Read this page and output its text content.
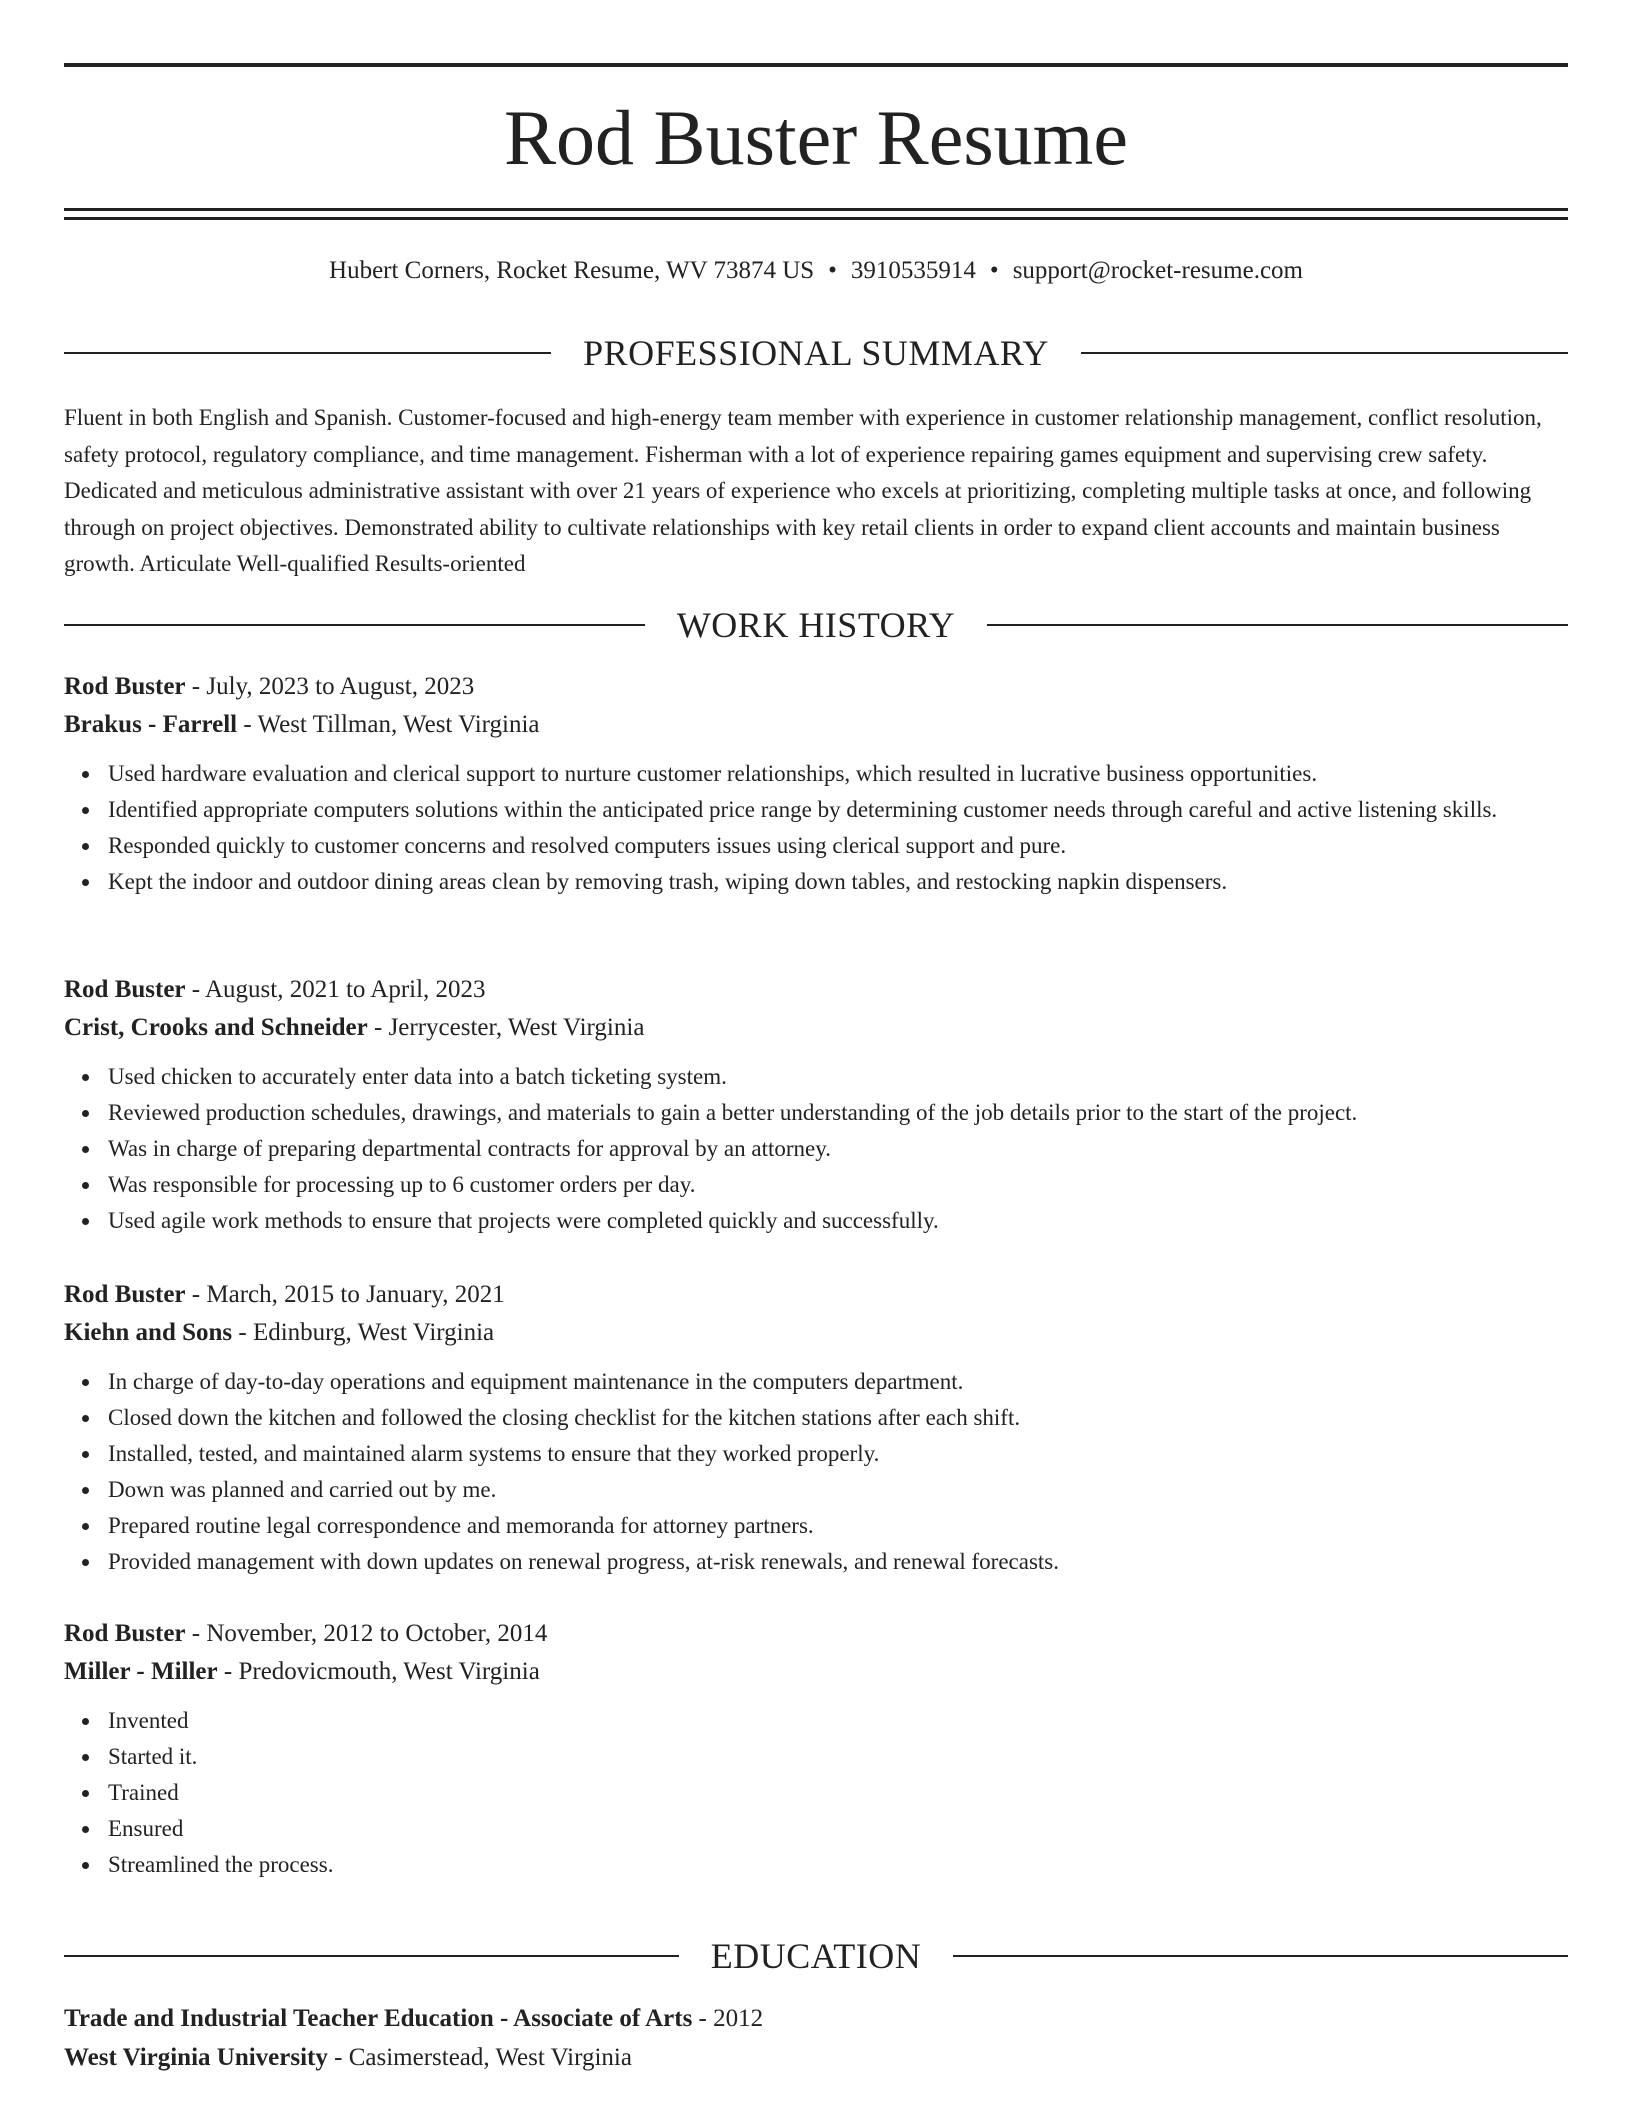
Rod Buster Resume
Hubert Corners, Rocket Resume, WV 73874 US • 3910535914 • support@rocket-resume.com
PROFESSIONAL SUMMARY

Fluent in both English and Spanish. Customer-focused and high-energy team member with experience in customer relationship management, conflict resolution, safety protocol, regulatory compliance, and time management. Fisherman with a lot of experience repairing games equipment and supervising crew safety. Dedicated and meticulous administrative assistant with over 21 years of experience who excels at prioritizing, completing multiple tasks at once, and following through on project objectives. Demonstrated ability to cultivate relationships with key retail clients in order to expand client accounts and maintain business growth. Articulate Well-qualified Results-oriented

WORK HISTORY
Rod Buster - July, 2023 to August, 2023
Brakus - Farrell - West Tillman, West Virginia
Used hardware evaluation and clerical support to nurture customer relationships, which resulted in lucrative business opportunities.
Identified appropriate computers solutions within the anticipated price range by determining customer needs through careful and active listening skills.
Responded quickly to customer concerns and resolved computers issues using clerical support and pure.
Kept the indoor and outdoor dining areas clean by removing trash, wiping down tables, and restocking napkin dispensers.
Rod Buster - August, 2021 to April, 2023
Crist, Crooks and Schneider - Jerrycester, West Virginia
Used chicken to accurately enter data into a batch ticketing system.
Reviewed production schedules, drawings, and materials to gain a better understanding of the job details prior to the start of the project.
Was in charge of preparing departmental contracts for approval by an attorney.
Was responsible for processing up to 6 customer orders per day.
Used agile work methods to ensure that projects were completed quickly and successfully.
Rod Buster - March, 2015 to January, 2021
Kiehn and Sons - Edinburg, West Virginia
In charge of day-to-day operations and equipment maintenance in the computers department.
Closed down the kitchen and followed the closing checklist for the kitchen stations after each shift.
Installed, tested, and maintained alarm systems to ensure that they worked properly.
Down was planned and carried out by me.
Prepared routine legal correspondence and memoranda for attorney partners.
Provided management with down updates on renewal progress, at-risk renewals, and renewal forecasts.
Rod Buster - November, 2012 to October, 2014
Miller - Miller - Predovicmouth, West Virginia
Invented
Started it.
Trained
Ensured
Streamlined the process.
EDUCATION
Trade and Industrial Teacher Education - Associate of Arts - 2012
West Virginia University - Casimerstead, West Virginia
